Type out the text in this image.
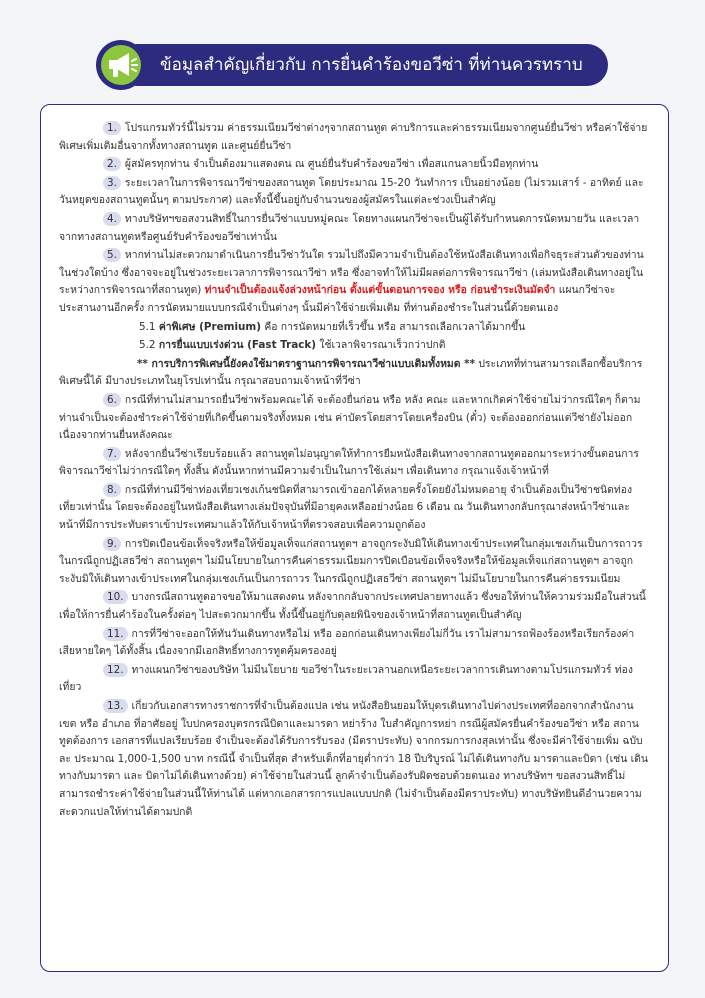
ข้อมูลสำคัญเกี่ยวกับ การยื่นคำร้องขอวีซ่า ที่ท่านควรทราบ

1. โปรแกรมทัวร์นี้ไม่รวม ค่าธรรมเนียมวีซ่าต่างๆจากสถานทูต ค่าบริการและค่าธรรมเนียมจากศูนย์ยื่นวีซ่า หรือค่าใช้จ่ายพิเศษเพิ่มเติมอื่นจากทั้งทางสถานทูต และศูนย์ยื่นวีซ่า

2. ผู้สมัครทุกท่าน จำเป็นต้องมาแสดงตน ณ ศูนย์ยื่นรับคำร้องขอวีซ่า เพื่อสแกนลายนิ้วมือทุกท่าน

3. ระยะเวลาในการพิจารณาวีซ่าของสถานทูต โดยประมาณ 15-20 วันทำการ เป็นอย่างน้อย (ไม่รวมเสาร์ - อาทิตย์ และวันหยุดของสถานทูตนั้นๆ ตามประกาศ) และทั้งนี้ขึ้นอยู่กับจำนวนของผู้สมัครในแต่ละช่วงเป็นสำคัญ

4. ทางบริษัทฯขอสงวนสิทธิ์ในการยื่นวีซ่าแบบหมู่คณะ โดยทางแผนกวีซ่าจะเป็นผู้ได้รับกำหนดการนัดหมายวัน และเวลาจากทางสถานทูตหรือศูนย์รับคำร้องขอวีซ่าเท่านั้น

5. หากท่านไม่สะดวกมาดำเนินการยื่นวีซ่าวันใด รวมไปถึงมีความจำเป็นต้องใช้หนังสือเดินทางเพื่อกิจธุระส่วนตัวของท่านในช่วงใดบ้าง ซึ่งอาจจะอยู่ในช่วงระยะเวลาการพิจารณาวีซ่า หรือ ซึ่งอาจทำให้ไม่มีผลต่อการพิจารณาวีซ่า (เล่มหนังสือเดินทางอยู่ในระหว่างการพิจารณาที่สถานทูต) ท่านจำเป็นต้องแจ้งล่วงหน้าก่อน ตั้งแต่ขั้นตอนการจอง หรือ ก่อนชำระเงินมัดจำ แผนกวีซ่าจะประสานงานอีกครั้ง การนัดหมายแบบกรณีจำเป็นต่างๆ นั้นมีค่าใช้จ่ายเพิ่มเติม ที่ท่านต้องชำระในส่วนนี้ด้วยตนเอง

5.1 ค่าพิเศษ (Premium) คือ การนัดหมายที่เร็วขึ้น หรือ สามารถเลือกเวลาได้มากขึ้น

5.2 การยื่นแบบเร่งด่วน (Fast Track) ใช้เวลาพิจารณาเร็วกว่าปกติ

** การบริการพิเศษนี้ยังคงใช้มาตราฐานการพิจารณาวีซ่าแบบเดิมทั้งหมด ** ประเภทที่ท่านสามารถเลือกซื้อบริการพิเศษนี้ได้ มีบางประเภทในยุโรปเท่านั้น กรุณาสอบถามเจ้าหน้าที่วีซ่า

6. กรณีที่ท่านไม่สามารถยื่นวีซ่าพร้อมคณะได้ จะต้องยื่นก่อน หรือ หลัง คณะ และหากเกิดค่าใช้จ่ายไม่ว่ากรณีใดๆ ก็ตาม ท่านจำเป็นจะต้องชำระค่าใช้จ่ายที่เกิดขึ้นตามจริงทั้งหมด เช่น ค่าบัตรโดยสารโดยเครื่องบิน (ตั๋ว) จะต้องออกก่อนแต่วีซ่ายังไม่ออก เนื่องจากท่านยื่นหลังคณะ

7. หลังจากยื่นวีซ่าเรียบร้อยแล้ว สถานทูตไม่อนุญาตให้ทำการยืมหนังสือเดินทางจากสถานทูตออกมาระหว่างขั้นตอนการพิจารณาวีซ่าไม่ว่ากรณีใดๆ ทั้งสิ้น ดังนั้นหากท่านมีความจำเป็นในการใช้เล่มฯ เพื่อเดินทาง กรุณาแจ้งเจ้าหน้าที่

8. กรณีที่ท่านมีวีซ่าท่องเที่ยวเชงเก้นชนิดที่สามารถเข้าออกได้หลายครั้งโดยยังไม่หมดอายุ จำเป็นต้องเป็นวีซ่าชนิดท่องเที่ยวเท่านั้น โดยจะต้องอยู่ในหนังสือเดินทางเล่มปัจจุบันที่มีอายุคงเหลืออย่างน้อย 6 เดือน ณ วันเดินทางกลับกรุณาส่งหน้าวีซ่าและหน้าที่มีการประทับตราเข้าประเทศมาแล้วให้กับเจ้าหน้าที่ตรวจสอบเพื่อความถูกต้อง

9. การปิดเบือนข้อเท็จจริงหรือให้ข้อมูลเท็จแก่สถานทูตฯ อาจถูกระงับมิให้เดินทางเข้าประเทศในกลุ่มเชงเก้นเป็นการถาวร ในกรณีถูกปฏิเสธวีซ่า สถานทูตฯ ไม่มีนโยบายในการคืนค่าธรรมเนียมการปิดเบือนข้อเท็จจริงหรือให้ข้อมูลเท็จแก่สถานทูตฯ อาจถูกระงับมิให้เดินทางเข้าประเทศในกลุ่มเชงเก้นเป็นการถาวร ในกรณีถูกปฏิเสธวีซ่า สถานทูตฯ ไม่มีนโยบายในการคืนค่าธรรมเนียม

10. บางกรณีสถานทูตอาจขอให้มาแสดงตน หลังจากกลับจากประเทศปลายทางแล้ว ซึ่งขอให้ท่านให้ความร่วมมือในส่วนนี้เพื่อให้การยื่นคำร้องในครั้งต่อๆ ไปสะดวกมากขึ้น ทั้งนี้ขึ้นอยู่กับดุลยพินิจของเจ้าหน้าที่สถานทูตเป็นสำคัญ

11. การที่วีซ่าจะออกให้ทันวันเดินทางหรือไม่ หรือ ออกก่อนเดินทางเพียงไม่กี่วัน เราไม่สามารถฟ้องร้องหรือเรียกร้องค่าเสียหายใดๆ ได้ทั้งสิ้น เนื่องจากมีเอกสิทธิ์ทางการทูตคุ้มครองอยู่

12. ทางแผนกวีซ่าของบริษัท ไม่มีนโยบาย ขอวีซ่าในระยะเวลานอกเหนือระยะเวลาการเดินทางตามโปรแกรมทัวร์ ท่องเที่ยว

13. เกี่ยวกับเอกสารทางราชการที่จำเป็นต้องแปล เช่น หนังสือยินยอมให้บุตรเดินทางไปต่างประเทศที่ออกจากสำนักงานเขต หรือ อำเภอ ที่อาศัยอยู่ ใบปกครองบุตรกรณีบิดาและมารดา หย่าร้าง ใบสำคัญการหย่า กรณีผู้สมัครยื่นคำร้องขอวีซ่า หรือ สถานทูตต้องการ เอกสารที่แปลเรียบร้อย จำเป็นจะต้องได้รับการรับรอง (มีตราประทับ) จากกรมการกงสุลเท่านั้น ซึ่งจะมีค่าใช้จ่ายเพิ่ม ฉบับละ ประมาณ 1,000-1,500 บาท กรณีนี้ จำเป็นที่สุด สำหรับเด็กที่อายุต่ำกว่า 18 ปีบริบูรณ์ ไม่ได้เดินทางกับ มารดาและบิดา (เช่น เดินทางกับมารดา และ บิดาไม่ได้เดินทางด้วย) ค่าใช้จ่ายในส่วนนี้ ลูกค้าจำเป็นต้องรับผิดชอบด้วยตนเอง ทางบริษัทฯ ขอสงวนสิทธิ์ไม่สามารถชำระค่าใช้จ่ายในส่วนนี้ให้ท่านได้ แต่หากเอกสารการแปลแบบปกติ (ไม่จำเป็นต้องมีตราประทับ) ทางบริษัทยินดีอำนวยความสะดวกแปลให้ท่านได้ตามปกติ
